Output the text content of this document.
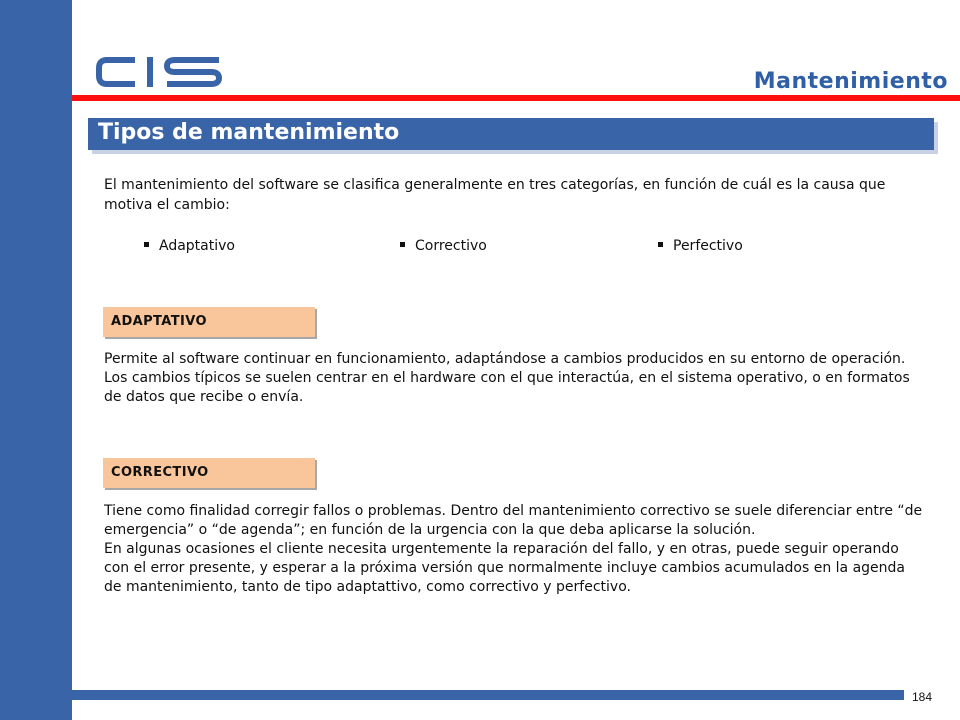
Mantenimiento
Tipos de mantenimiento
El mantenimiento del software se clasifica generalmente en tres categorías, en función de cuál es la causa que motiva el cambio:
Adaptativo	Correctivo	Perfectivo
ADAPTATIVO
Permite al software continuar en funcionamiento, adaptándose a cambios producidos en su entorno de operación.
Los cambios típicos se suelen centrar en el hardware con el que interactúa, en el sistema operativo, o en formatos de datos que recibe o envía.
CORRECTIVO
Tiene como finalidad corregir fallos o problemas. Dentro del mantenimiento correctivo se suele diferenciar entre “de emergencia” o “de agenda”; en función de la urgencia con la que deba aplicarse la solución.
En algunas ocasiones el cliente necesita urgentemente la reparación del fallo, y en otras, puede seguir operando con el error presente, y esperar a la próxima versión que normalmente incluye cambios acumulados en la agenda de mantenimiento, tanto de tipo adaptattivo, como correctivo y perfectivo.
184
